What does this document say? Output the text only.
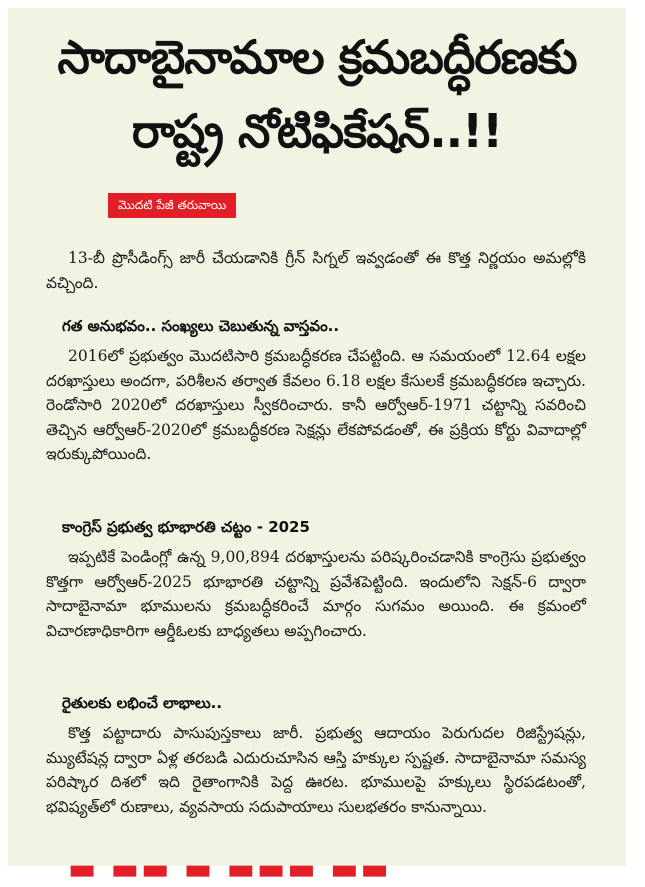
సాదాబైనామాల క్రమబద్ధీరణకు
రాష్ట్ర నోటిఫికేషన్..!!
మొదటి పేజీ తరువాయి

13-బీ ప్రొసీడింగ్స్ జారీ చేయడానికి గ్రీన్ సిగ్నల్ ఇవ్వడంతో ఈ కొత్త నిర్ణయం అమల్లోకి వచ్చింది.

గత అనుభవం.. సంఖ్యలు చెబుతున్న వాస్తవం..

2016లో ప్రభుత్వం మొదటిసారి క్రమబద్ధీకరణ చేపట్టింది. ఆ సమయంలో 12.64 లక్షల దరఖాస్తులు అందగా, పరిశీలన తర్వాత కేవలం 6.18 లక్షల కేసులకే క్రమబద్ధీకరణ ఇచ్చారు. రెండోసారి 2020లో దరఖాస్తులు స్వీకరించారు. కానీ ఆర్వోఆర్-1971 చట్టాన్ని సవరించి తెచ్చిన ఆర్వోఆర్-2020లో క్రమబద్ధీకరణ సెక్షన్లు లేకపోవడంతో, ఈ ప్రక్రియ కోర్టు వివాదాల్లో ఇరుక్కుపోయింది.

కాంగ్రెస్ ప్రభుత్వ భూభారతి చట్టం - 2025

ఇప్పటికే పెండింగ్లో ఉన్న 9,00,894 దరఖాస్తులను పరిష్కరించడానికి కాంగ్రెసు ప్రభుత్వం కొత్తగా ఆర్వోఆర్-2025 భూభారతి చట్టాన్ని ప్రవేశపెట్టింది. ఇందులోని సెక్షన్-6 ద్వారా సాదాబైనామా భూములను క్రమబద్ధీకరించే మార్గం సుగమం అయింది. ఈ క్రమంలో విచారణాధికారిగా ఆర్డీఓలకు బాధ్యతలు అప్పగించారు.

రైతులకు లభించే లాభాలు..

కొత్త పట్టాదారు పాసుపుస్తకాలు జారీ. ప్రభుత్వ ఆదాయం పెరుగుదల రిజిస్ట్రేషన్లు, మ్యుటేషన్ల ద్వారా ఏళ్ల తరబడి ఎదురుచూసిన ఆస్తి హక్కుల స్పష్టత. సాదాబైనామా సమస్య పరిష్కార దిశలో ఇది రైతాంగానికి పెద్ద ఊరట. భూములపై హక్కులు స్థిరపడటంతో, భవిష్యత్‌లో రుణాలు, వ్యవసాయ సదుపాయాలు సులభతరం కానున్నాయి.

▬ ▬▬ ▬ ▬▬▬ ▬▬
